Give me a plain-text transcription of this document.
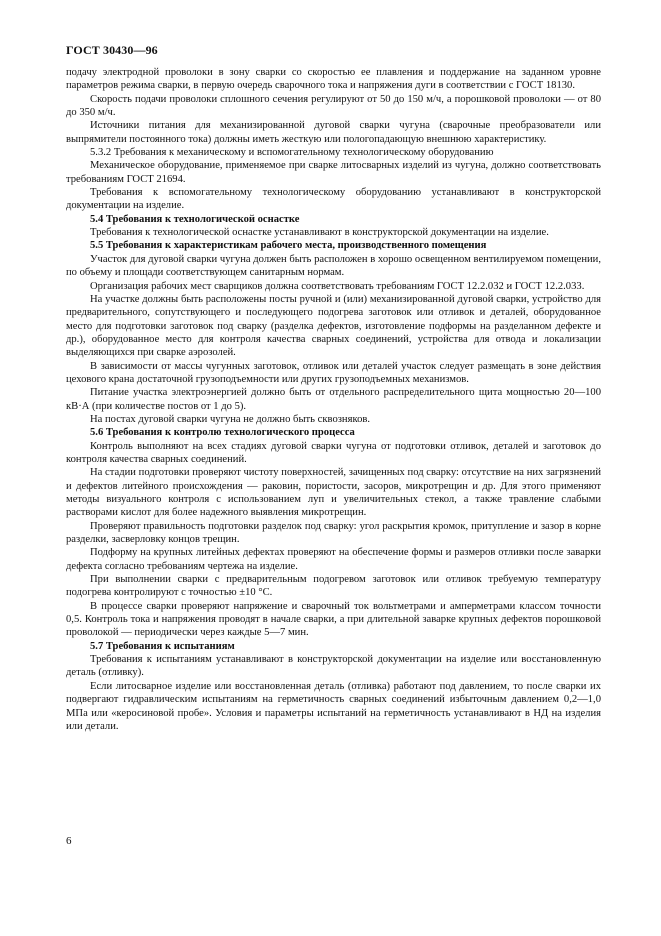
ГОСТ 30430—96

подачу электродной проволоки в зону сварки со скоростью ее плавления и поддержание на заданном уровне параметров режима сварки, в первую очередь сварочного тока и напряжения дуги в соответствии с ГОСТ 18130.

Скорость подачи проволоки сплошного сечения регулируют от 50 до 150 м/ч, а порошковой проволоки — от 80 до 350 м/ч.

Источники питания для механизированной дуговой сварки чугуна (сварочные преобразователи или выпрямители постоянного тока) должны иметь жесткую или пологопадающую внешнюю характеристику.

5.3.2 Требования к механическому и вспомогательному технологическому оборудованию

Механическое оборудование, применяемое при сварке литосварных изделий из чугуна, должно соответствовать требованиям ГОСТ 21694.

Требования к вспомогательному технологическому оборудованию устанавливают в конструкторской документации на изделие.

5.4 Требования к технологической оснастке

Требования к технологической оснастке устанавливают в конструкторской документации на изделие.

5.5 Требования к характеристикам рабочего места, производственного помещения

Участок для дуговой сварки чугуна должен быть расположен в хорошо освещенном вентилируемом помещении, по объему и площади соответствующем санитарным нормам.

Организация рабочих мест сварщиков должна соответствовать требованиям ГОСТ 12.2.032 и ГОСТ 12.2.033.

На участке должны быть расположены посты ручной и (или) механизированной дуговой сварки, устройство для предварительного, сопутствующего и последующего подогрева заготовок или отливок и деталей, оборудованное место для подготовки заготовок под сварку (разделка дефектов, изготовление подформы на разделанном дефекте и др.), оборудованное место для контроля качества сварных соединений, устройства для отвода и локализации выделяющихся при сварке аэрозолей.

В зависимости от массы чугунных заготовок, отливок или деталей участок следует размещать в зоне действия цехового крана достаточной грузоподъемности или других грузоподъемных механизмов.

Питание участка электроэнергией должно быть от отдельного распределительного щита мощностью 20—100 кВ·А (при количестве постов от 1 до 5).

На постах дуговой сварки чугуна не должно быть сквозняков.

5.6 Требования к контролю технологического процесса

Контроль выполняют на всех стадиях дуговой сварки чугуна от подготовки отливок, деталей и заготовок до контроля качества сварных соединений.

На стадии подготовки проверяют чистоту поверхностей, зачищенных под сварку: отсутствие на них загрязнений и дефектов литейного происхождения — раковин, пористости, засоров, микротрещин и др. Для этого применяют методы визуального контроля с использованием луп и увеличительных стекол, а также травление слабыми растворами кислот для более надежного выявления микротрещин.

Проверяют правильность подготовки разделок под сварку: угол раскрытия кромок, притупление и зазор в корне разделки, засверловку концов трещин.

Подформу на крупных литейных дефектах проверяют на обеспечение формы и размеров отливки после заварки дефекта согласно требованиям чертежа на изделие.

При выполнении сварки с предварительным подогревом заготовок или отливок требуемую температуру подогрева контролируют с точностью ±10 °С.

В процессе сварки проверяют напряжение и сварочный ток вольтметрами и амперметрами классом точности 0,5. Контроль тока и напряжения проводят в начале сварки, а при длительной заварке крупных дефектов порошковой проволокой — периодически через каждые 5—7 мин.

5.7 Требования к испытаниям

Требования к испытаниям устанавливают в конструкторской документации на изделие или восстановленную деталь (отливку).

Если литосварное изделие или восстановленная деталь (отливка) работают под давлением, то после сварки их подвергают гидравлическим испытаниям на герметичность сварных соединений избыточным давлением 0,2—1,0 МПа или «керосиновой пробе». Условия и параметры испытаний на герметичность устанавливают в НД на изделия или детали.

6
